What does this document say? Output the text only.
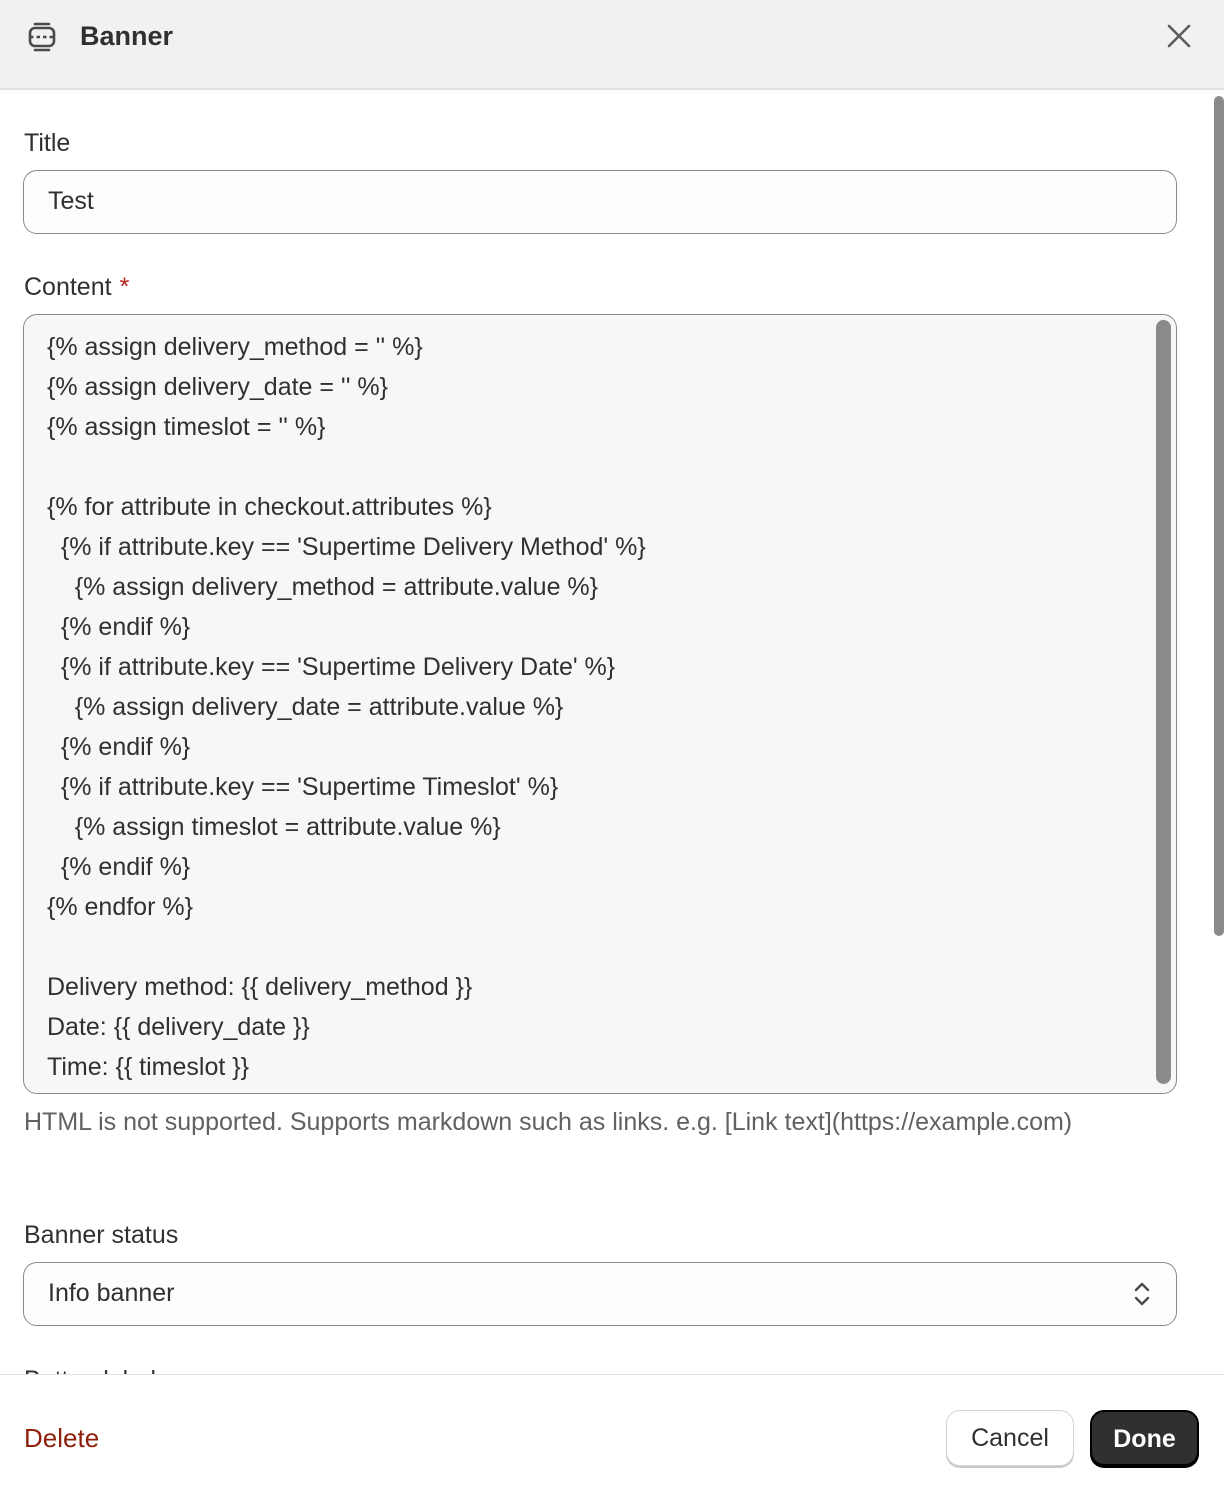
Banner
Title
Test
Content *
{% assign delivery_method = '' %}
{% assign delivery_date = '' %}
{% assign timeslot = '' %}

{% for attribute in checkout.attributes %}
{% if attribute.key == 'Supertime Delivery Method' %}
{% assign delivery_method = attribute.value %}
{% endif %}
{% if attribute.key == 'Supertime Delivery Date' %}
{% assign delivery_date = attribute.value %}
{% endif %}
{% if attribute.key == 'Supertime Timeslot' %}
{% assign timeslot = attribute.value %}
{% endif %}
{% endfor %}

Delivery method: {{ delivery_method }}
Date: {{ delivery_date }}
Time: {{ timeslot }}
HTML is not supported. Supports markdown such as links. e.g. [Link text](https://example.com)
Banner status
Info banner
Delete	Cancel	Done
